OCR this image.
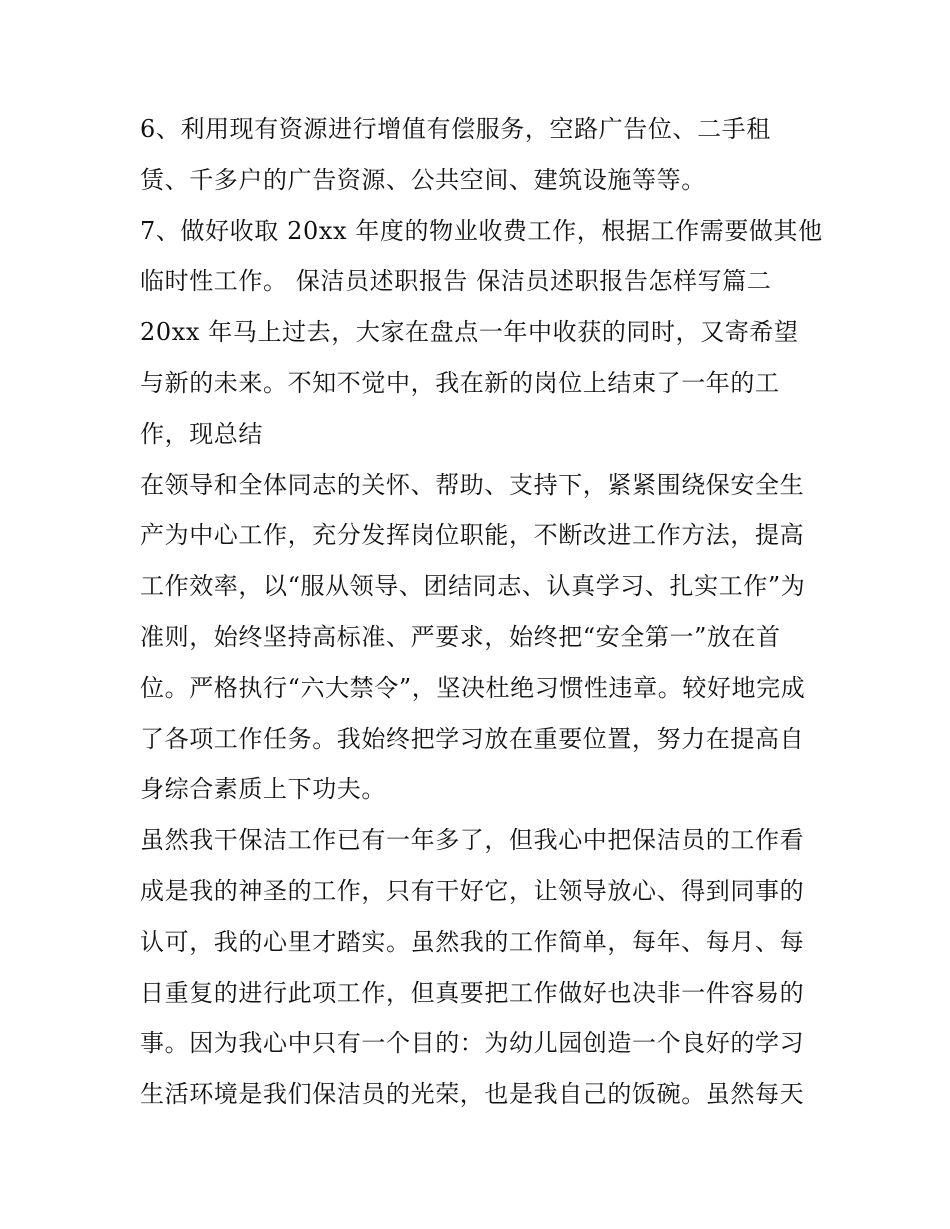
6、利用现有资源进行增值有偿服务，空路广告位、二手租
赁、千多户的广告资源、公共空间、建筑设施等等。
7、做好收取 20xx 年度的物业收费工作，根据工作需要做其他
临时性工作。 保洁员述职报告 保洁员述职报告怎样写篇二
20xx 年马上过去，大家在盘点一年中收获的同时，又寄希望
与新的未来。不知不觉中，我在新的岗位上结束了一年的工
作，现总结
在领导和全体同志的关怀、帮助、支持下，紧紧围绕保安全生
产为中心工作，充分发挥岗位职能，不断改进工作方法，提高
工作效率，以“服从领导、团结同志、认真学习、扎实工作”为
准则，始终坚持高标准、严要求，始终把“安全第一”放在首
位。严格执行“六大禁令”，坚决杜绝习惯性违章。较好地完成
了各项工作任务。我始终把学习放在重要位置，努力在提高自
身综合素质上下功夫。
虽然我干保洁工作已有一年多了，但我心中把保洁员的工作看
成是我的神圣的工作，只有干好它，让领导放心、得到同事的
认可，我的心里才踏实。虽然我的工作简单，每年、每月、每
日重复的进行此项工作，但真要把工作做好也决非一件容易的
事。因为我心中只有一个目的：为幼儿园创造一个良好的学习
生活环境是我们保洁员的光荣，也是我自己的饭碗。虽然每天
